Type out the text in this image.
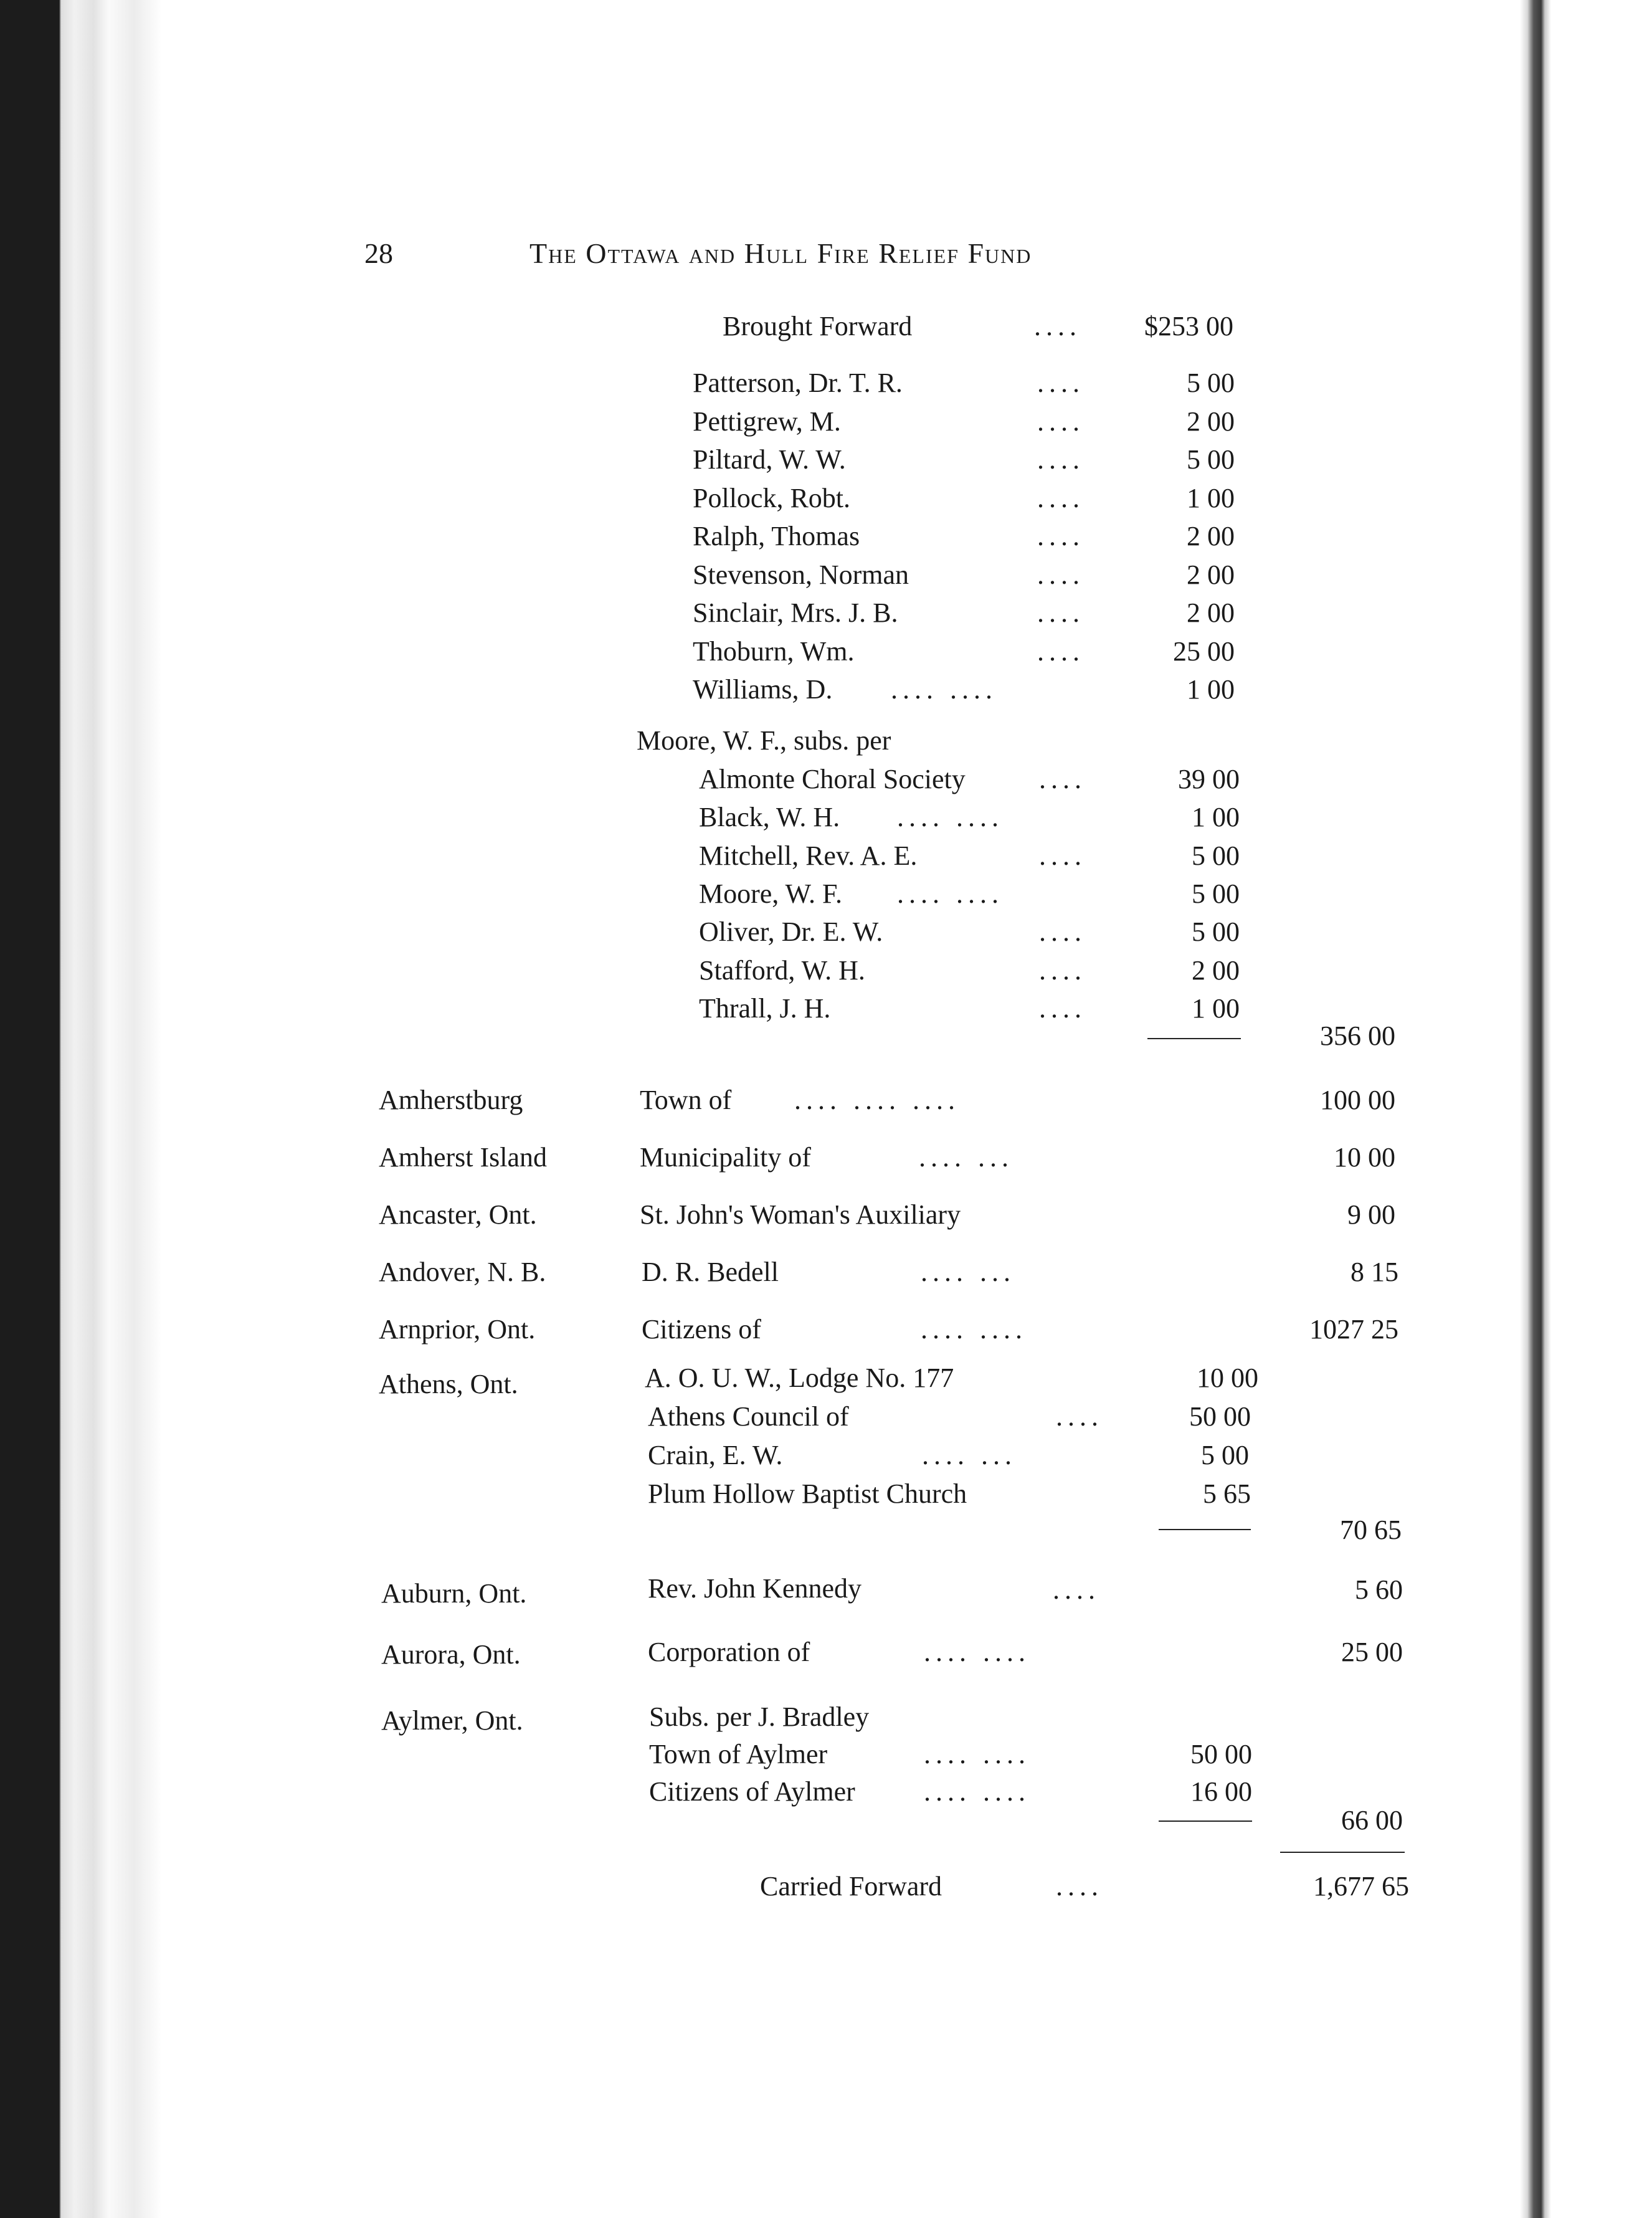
28	The Ottawa and Hull Fire Relief Fund
Brought Forward	....	$253 00
Patterson, Dr. T. R.	....	5 00
Pettigrew, M.	....	2 00
Piltard, W. W.	....	5 00
Pollock, Robt.	....	1 00
Ralph, Thomas	....	2 00
Stevenson, Norman	....	2 00
Sinclair, Mrs. J. B.	....	2 00
Thoburn, Wm.	....	25 00
Williams, D. .... ....	1 00
Moore, W. F., subs. per
Almonte Choral Society	....	39 00
Black, W. H. .... ....	1 00
Mitchell, Rev. A. E.	....	5 00
Moore, W. F. .... ....	5 00
Oliver, Dr. E. W.	....	5 00
Stafford, W. H.	....	2 00
Thrall, J. H.	....	1 00
356 00
Amherstburg	Town of .... .... ....	100 00
Amherst Island	Municipality of	.... ...	10 00
Ancaster, Ont.	St. John's Woman's Auxiliary	9 00
Andover, N. B.	D. R. Bedell	.... ...	8 15
Arnprior, Ont.	Citizens of	.... ....	1027 25
Athens, Ont.	A. O. U. W., Lodge No. 177	10 00
Athens Council of	....	50 00
Crain, E. W.	.... ...	5 00
Plum Hollow Baptist Church	5 65
70 65
Auburn, Ont.	Rev. John Kennedy	....	5 60
Aurora, Ont.	Corporation of	.... ....	25 00
Aylmer, Ont.	Subs. per J. Bradley
Town of Aylmer	.... ....	50 00
Citizens of Aylmer	.... ....	16 00
66 00
Carried Forward	....	1,677 65
